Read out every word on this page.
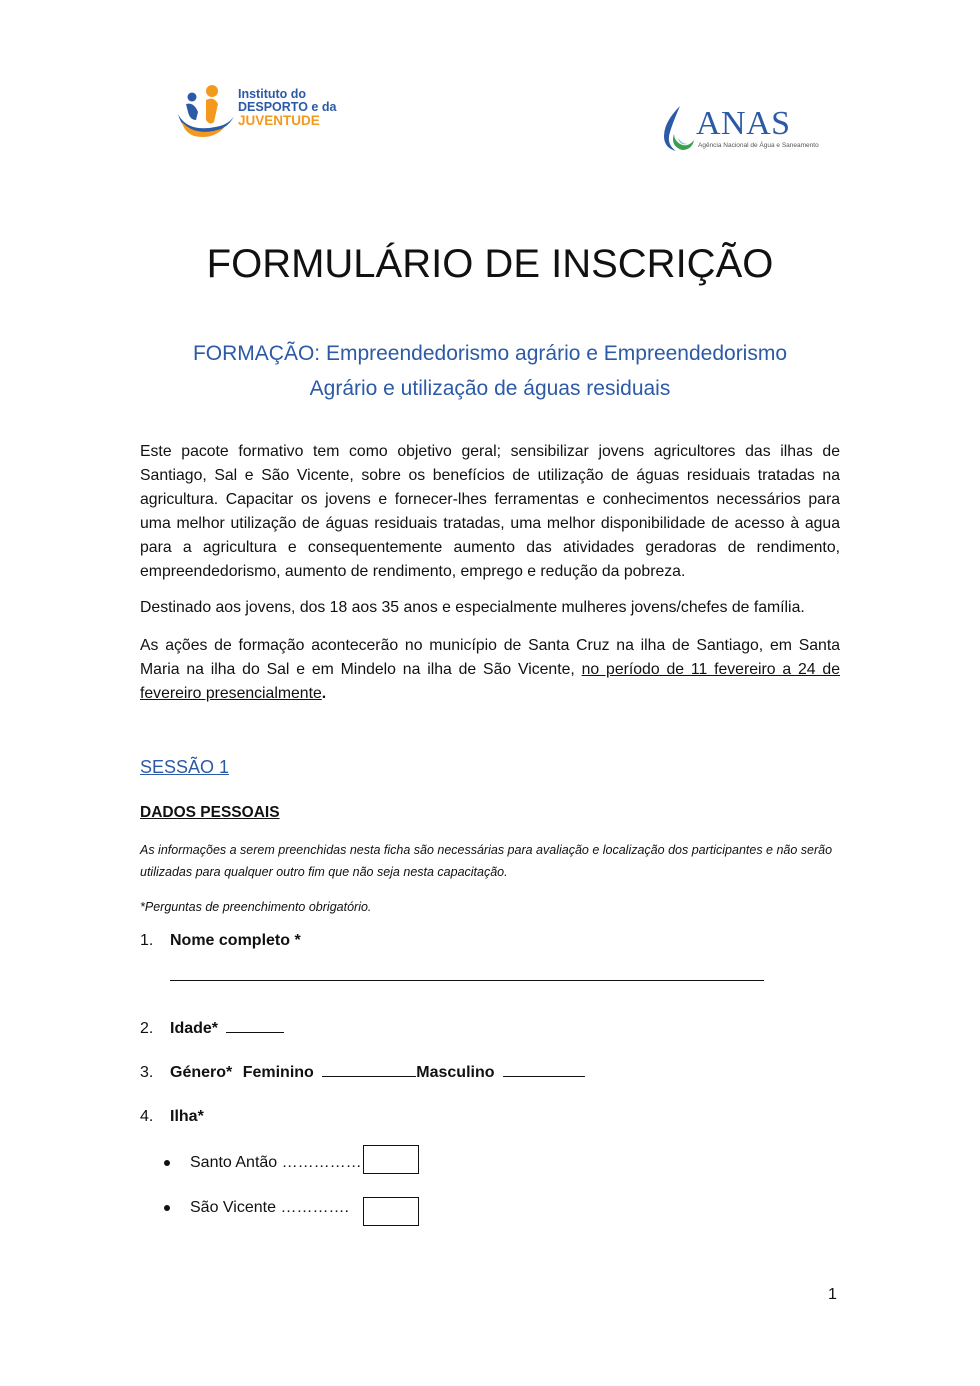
Instituto do
DESPORTO e da
JUVENTUDE	ANAS
Agência Nacional de Água e Saneamento
FORMULÁRIO DE INSCRIÇÃO
FORMAÇÃO: Empreendedorismo agrário e Empreendedorismo
Agrário e utilização de águas residuais
Este pacote formativo tem como objetivo geral; sensibilizar jovens agricultores das ilhas de Santiago, Sal e São Vicente, sobre os benefícios de utilização de águas residuais tratadas na agricultura. Capacitar os jovens e fornecer-lhes ferramentas e conhecimentos necessários para uma melhor utilização de águas residuais tratadas, uma melhor disponibilidade de acesso à agua para a agricultura e consequentemente aumento das atividades geradoras de rendimento, empreendedorismo, aumento de rendimento, emprego e redução da pobreza.
Destinado aos jovens, dos 18 aos 35 anos e especialmente mulheres jovens/chefes de família.
As ações de formação acontecerão no município de Santa Cruz na ilha de Santiago, em Santa Maria na ilha do Sal e em Mindelo na ilha de São Vicente, no período de 11 fevereiro a 24 de fevereiro presencialmente.
SESSÃO 1
DADOS PESSOAIS
As informações a serem preenchidas nesta ficha são necessárias para avaliação e localização dos participantes e não serão utilizadas para qualquer outro fim que não seja nesta capacitação.
*Perguntas de preenchimento obrigatório.
1. Nome completo *
2. Idade*
3. Género* Feminino	Masculino
4. Ilha*
Santo Antão ……………
São Vicente ………….
1
